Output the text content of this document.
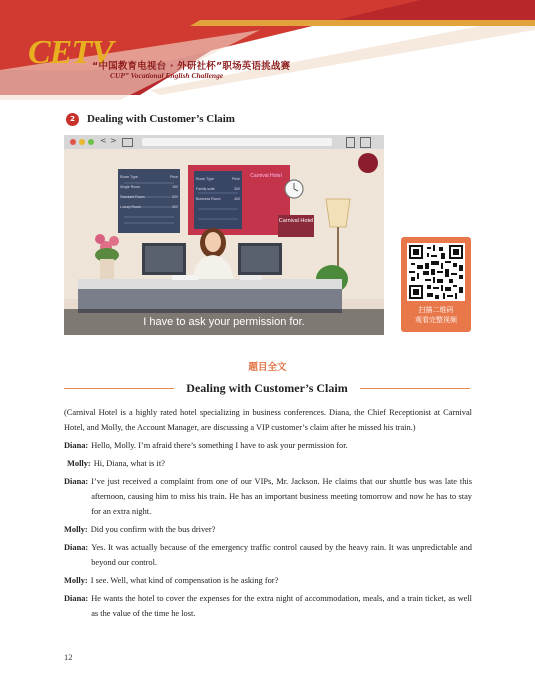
CETV
“中国教育电视台 · 外研社杯”职场英语挑战赛
CUP” Vocational English Challenge
2	Dealing with Customer’s Claim
< >
Room Type	Price
Single Room	100
Standard Room	200
Luxury Room	300
Room Type	Price
Family suite	300
Business Room	400
Carnival Hotel
Carnival Hotel
I have to ask your permission for.
扫描二维码
观看完整视频
题目全文
Dealing with Customer’s Claim
(Carnival Hotel is a highly rated hotel specializing in business conferences. Diana, the Chief Receptionist at Carnival Hotel, and Molly, the Account Manager, are discussing a VIP customer’s claim after he missed his train.)
Diana: Hello, Molly. I’m afraid there’s something I have to ask your permission for.
Molly: Hi, Diana, what is it?
Diana: I’ve just received a complaint from one of our VIPs, Mr. Jackson. He claims that our shuttle bus was late this afternoon, causing him to miss his train. He has an important business meeting tomorrow and now he has to stay for an extra night.
Molly: Did you confirm with the bus driver?
Diana: Yes. It was actually because of the emergency traffic control caused by the heavy rain. It was unpredictable and beyond our control.
Molly: I see. Well, what kind of compensation is he asking for?
Diana: He wants the hotel to cover the expenses for the extra night of accommodation, meals, and a train ticket, as well as the value of the time he lost.
12
